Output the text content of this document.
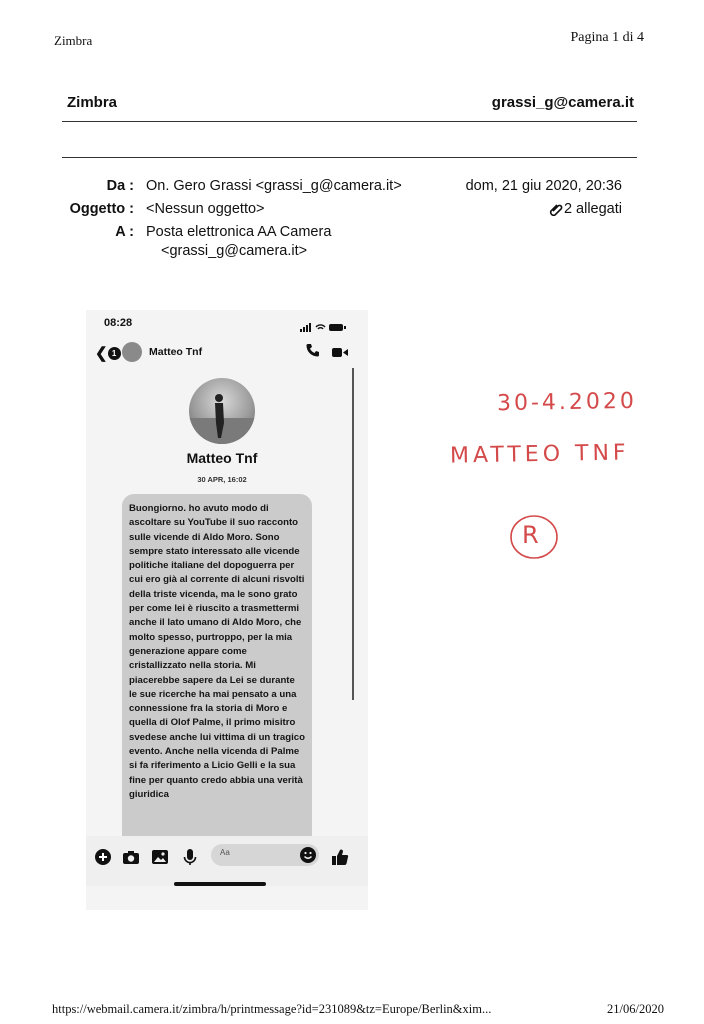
Zimbra	Pagina 1 di 4
Zimbra	grassi_g@camera.it
Da : On. Gero Grassi <grassi_g@camera.it>	dom, 21 giu 2020, 20:36
Oggetto : <Nessun oggetto>	2 allegati
A : Posta elettronica AA Camera
<grassi_g@camera.it>
08:28
❮ 1	Matteo Tnf
Matteo Tnf
30 APR, 16:02
Buongiorno. ho avuto modo di ascoltare su YouTube il suo racconto sulle vicende di Aldo Moro. Sono sempre stato interessato alle vicende politiche italiane del dopoguerra per cui ero già al corrente di alcuni risvolti della triste vicenda, ma le sono grato per come lei è riuscito a trasmettermi anche il lato umano di Aldo Moro, che molto spesso, purtroppo, per la mia generazione appare come cristallizzato nella storia. Mi piacerebbe sapere da Lei se durante le sue ricerche ha mai pensato a una connessione fra la storia di Moro e quella di Olof Palme, il primo misitro svedese anche lui vittima di un tragico evento. Anche nella vicenda di Palme si fa riferimento a Licio Gelli e la sua fine per quanto credo abbia una verità giuridica
Aa
30-4.2020
MATTEO TNF
R
https://webmail.camera.it/zimbra/h/printmessage?id=231089&tz=Europe/Berlin&xim...	21/06/2020
